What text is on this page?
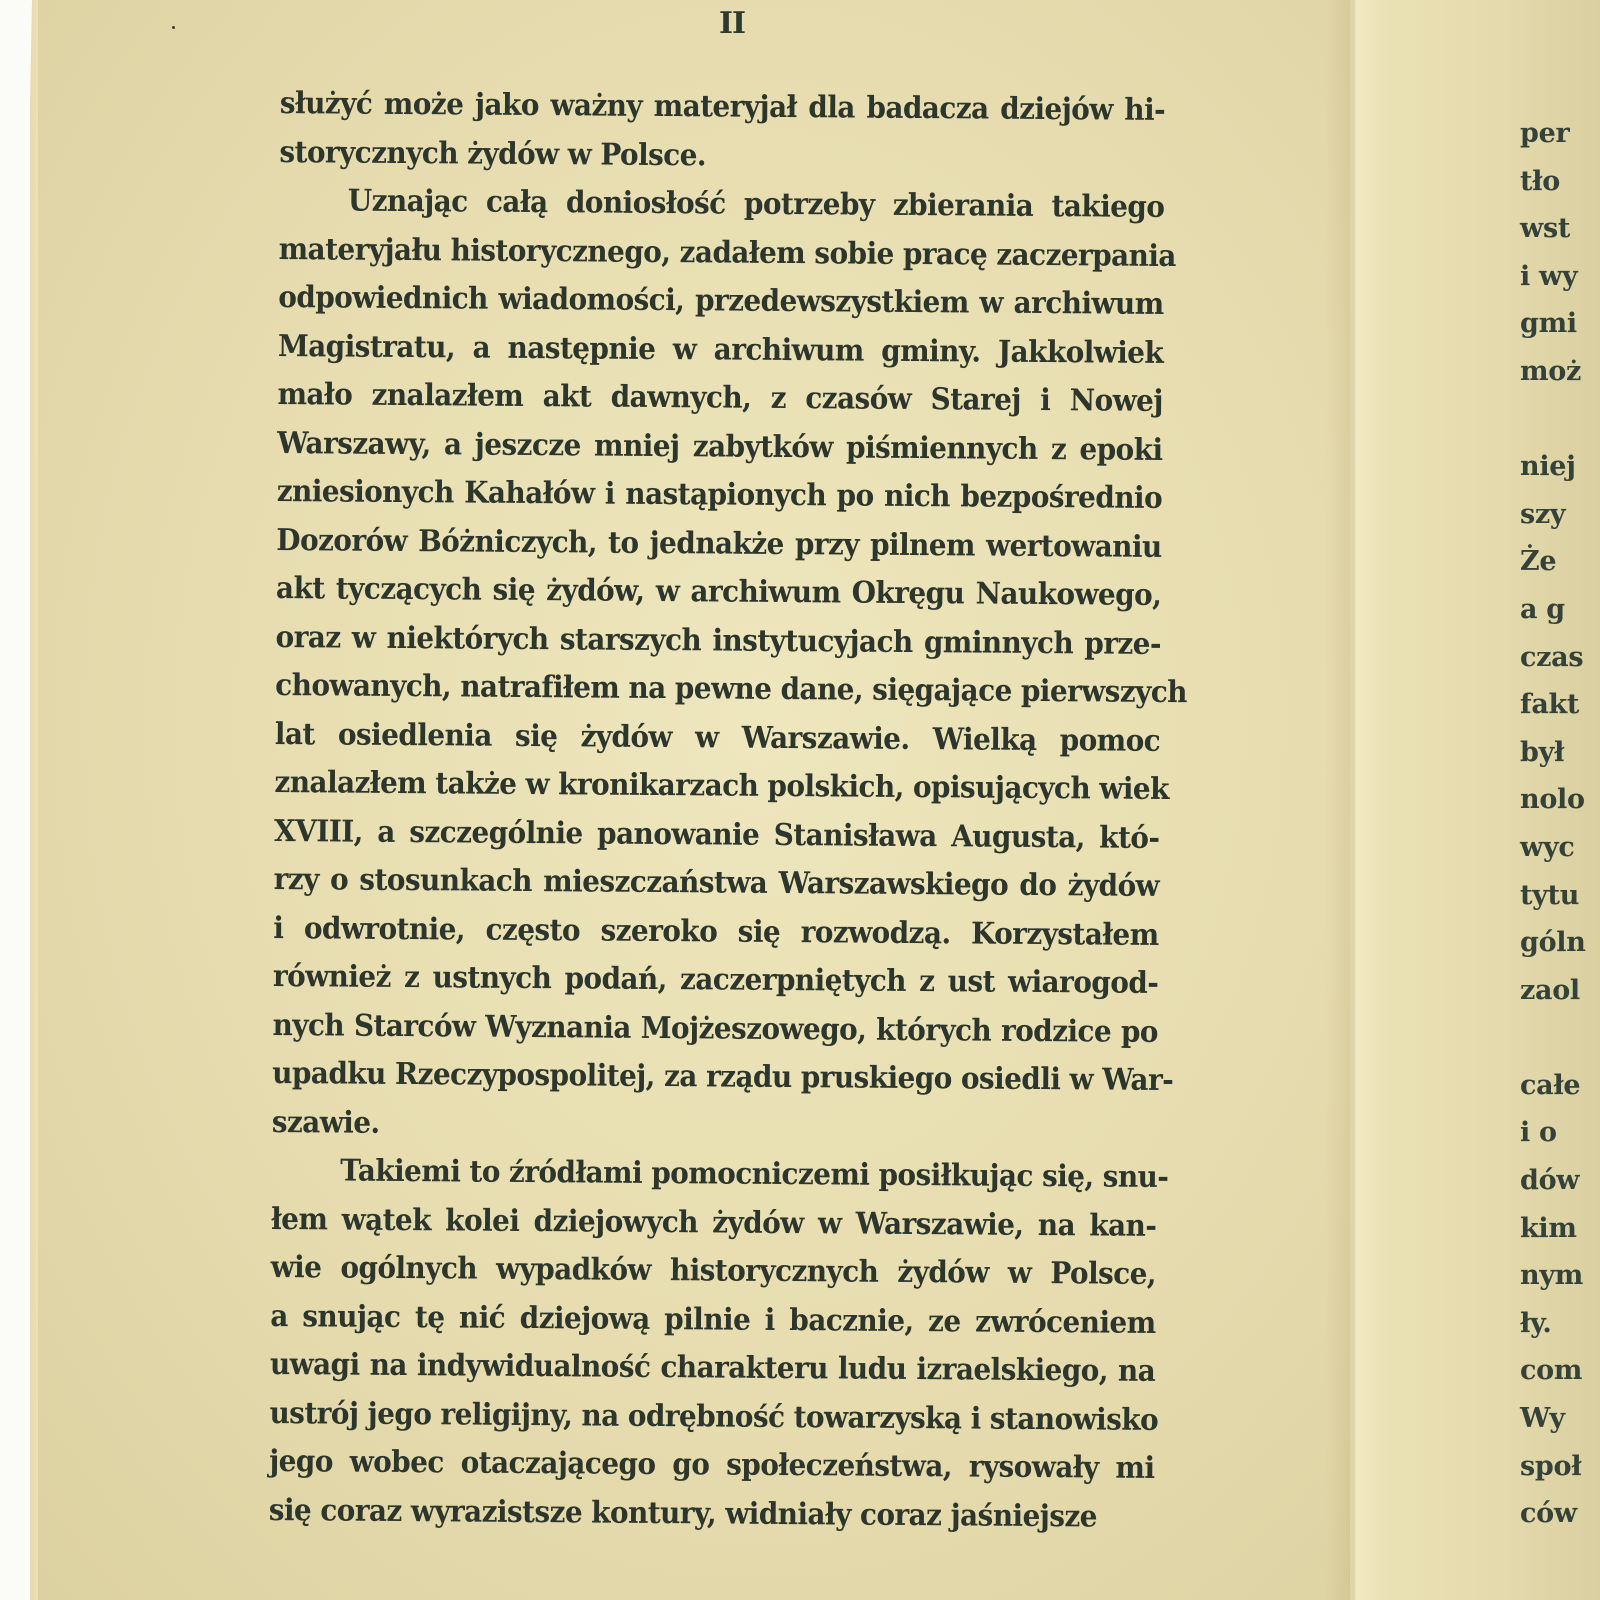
II
służyć może jako ważny materyjał dla badacza dziejów hi-
storycznych żydów w Polsce.
Uznając całą doniosłość potrzeby zbierania takiego
materyjału historycznego, zadałem sobie pracę zaczerpania
odpowiednich wiadomości, przedewszystkiem w archiwum
Magistratu, a następnie w archiwum gminy. Jakkolwiek
mało znalazłem akt dawnych, z czasów Starej i Nowej
Warszawy, a jeszcze mniej zabytków piśmiennych z epoki
zniesionych Kahałów i nastąpionych po nich bezpośrednio
Dozorów Bóżniczych, to jednakże przy pilnem wertowaniu
akt tyczących się żydów, w archiwum Okręgu Naukowego,
oraz w niektórych starszych instytucyjach gminnych prze-
chowanych, natrafiłem na pewne dane, sięgające pierwszych
lat osiedlenia się żydów w Warszawie. Wielką pomoc
znalazłem także w kronikarzach polskich, opisujących wiek
XVIII, a szczególnie panowanie Stanisława Augusta, któ-
rzy o stosunkach mieszczaństwa Warszawskiego do żydów
i odwrotnie, często szeroko się rozwodzą. Korzystałem
również z ustnych podań, zaczerpniętych z ust wiarogod-
nych Starców Wyznania Mojżeszowego, których rodzice po
upadku Rzeczypospolitej, za rządu pruskiego osiedli w War-
szawie.
Takiemi to źródłami pomocniczemi posiłkując się, snu-
łem wątek kolei dziejowych żydów w Warszawie, na kan-
wie ogólnych wypadków historycznych żydów w Polsce,
a snując tę nić dziejową pilnie i bacznie, ze zwróceniem
uwagi na indywidualność charakteru ludu izraelskiego, na
ustrój jego religijny, na odrębność towarzyską i stanowisko
jego wobec otaczającego go społeczeństwa, rysowały mi
się coraz wyrazistsze kontury, widniały coraz jaśniejsze
per
tło
wst
i wy
gmi
moż
niej
szy
Że
a g
czas
fakt
był
nolo
wyc
tytu
góln
zaol
całe
i o
dów
kim
nym
ły.
com
Wy
społ
ców
